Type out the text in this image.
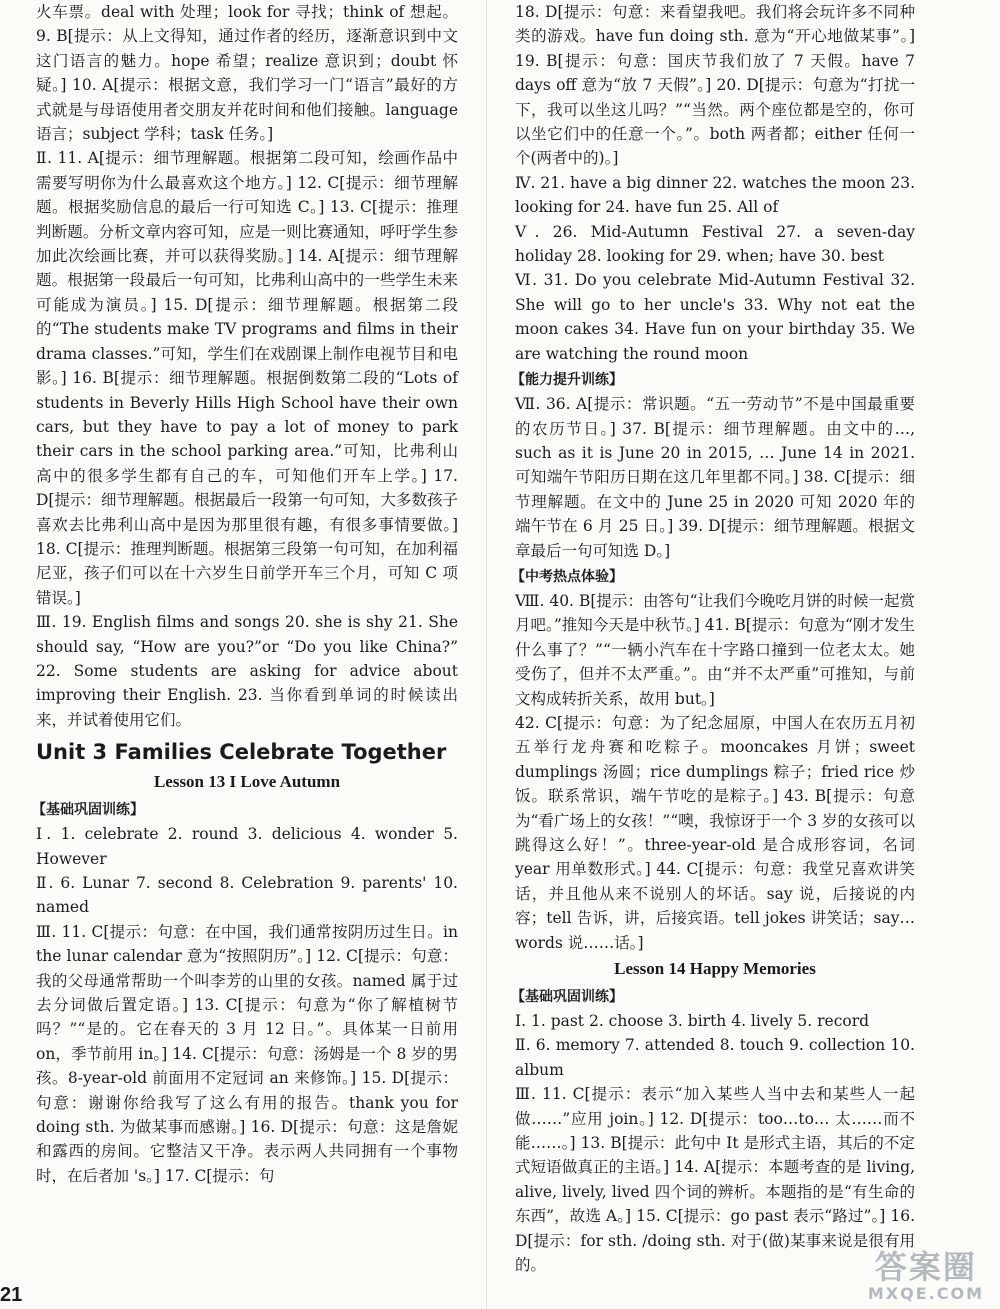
火车票。deal with 处理；look for 寻找；think of 想起。9. B[提示：从上文得知，通过作者的经历，逐渐意识到中文这门语言的魅力。hope 希望；realize 意识到；doubt 怀疑。] 10. A[提示：根据文意，我们学习一门“语言”最好的方式就是与母语使用者交朋友并花时间和他们接触。language 语言；subject 学科；task 任务。]

Ⅱ. 11. A[提示：细节理解题。根据第二段可知，绘画作品中需要写明你为什么最喜欢这个地方。] 12. C[提示：细节理解题。根据奖励信息的最后一行可知选 C。] 13. C[提示：推理判断题。分析文章内容可知，应是一则比赛通知，呼吁学生参加此次绘画比赛，并可以获得奖励。] 14. A[提示：细节理解题。根据第一段最后一句可知，比弗利山高中的一些学生未来可能成为演员。] 15. D[提示：细节理解题。根据第二段的“The students make TV programs and films in their drama classes.”可知，学生们在戏剧课上制作电视节目和电影。] 16. B[提示：细节理解题。根据倒数第二段的“Lots of students in Beverly Hills High School have their own cars, but they have to pay a lot of money to park their cars in the school parking area.”可知，比弗利山高中的很多学生都有自己的车，可知他们开车上学。] 17. D[提示：细节理解题。根据最后一段第一句可知，大多数孩子喜欢去比弗利山高中是因为那里很有趣，有很多事情要做。] 18. C[提示：推理判断题。根据第三段第一句可知，在加利福尼亚，孩子们可以在十六岁生日前学开车三个月，可知 C 项错误。]

Ⅲ. 19. English films and songs 20. she is shy 21. She should say, “How are you?”or “Do you like China?” 22. Some students are asking for advice about improving their English. 23. 当你看到单词的时候读出来，并试着使用它们。

Unit 3 Families Celebrate Together
Lesson 13 I Love Autumn
【基础巩固训练】

Ⅰ. 1. celebrate 2. round 3. delicious 4. wonder 5. However

Ⅱ. 6. Lunar 7. second 8. Celebration 9. parents' 10. named

Ⅲ. 11. C[提示：句意：在中国，我们通常按阴历过生日。in the lunar calendar 意为“按照阴历”。] 12. C[提示：句意：我的父母通常帮助一个叫李芳的山里的女孩。named 属于过去分词做后置定语。] 13. C[提示：句意为“你了解植树节吗？”“是的。它在春天的 3 月 12 日。”。具体某一日前用 on，季节前用 in。] 14. C[提示：句意：汤姆是一个 8 岁的男孩。8-year-old 前面用不定冠词 an 来修饰。] 15. D[提示：句意：谢谢你给我写了这么有用的报告。thank you for doing sth. 为做某事而感谢。] 16. D[提示：句意：这是詹妮和露西的房间。它整洁又干净。表示两人共同拥有一个事物时，在后者加 's。] 17. C[提示：句

18. D[提示：句意：来看望我吧。我们将会玩许多不同种类的游戏。have fun doing sth. 意为“开心地做某事”。] 19. B[提示：句意：国庆节我们放了 7 天假。have 7 days off 意为“放 7 天假”。] 20. D[提示：句意为“打扰一下，我可以坐这儿吗？”“当然。两个座位都是空的，你可以坐它们中的任意一个。”。both 两者都；either 任何一个(两者中的)。]

Ⅳ. 21. have a big dinner 22. watches the moon 23. looking for 24. have fun 25. All of

Ⅴ. 26. Mid-Autumn Festival 27. a seven-day holiday 28. looking for 29. when; have 30. best

Ⅵ. 31. Do you celebrate Mid-Autumn Festival 32. She will go to her uncle's 33. Why not eat the moon cakes 34. Have fun on your birthday 35. We are watching the round moon

【能力提升训练】

Ⅶ. 36. A[提示：常识题。“五一劳动节”不是中国最重要的农历节日。] 37. B[提示：细节理解题。由文中的…, such as it is June 20 in 2015, … June 14 in 2021. 可知端午节阳历日期在这几年里都不同。] 38. C[提示：细节理解题。在文中的 June 25 in 2020 可知 2020 年的端午节在 6 月 25 日。] 39. D[提示：细节理解题。根据文章最后一句可知选 D。]

【中考热点体验】

Ⅷ. 40. B[提示：由答句“让我们今晚吃月饼的时候一起赏月吧。”推知今天是中秋节。] 41. B[提示：句意为“刚才发生什么事了？”“一辆小汽车在十字路口撞到一位老太太。她受伤了，但并不太严重。”。由“并不太严重”可推知，与前文构成转折关系，故用 but。]

42. C[提示：句意：为了纪念屈原，中国人在农历五月初五举行龙舟赛和吃粽子。mooncakes 月饼；sweet dumplings 汤圆；rice dumplings 粽子；fried rice 炒饭。联系常识，端午节吃的是粽子。] 43. B[提示：句意为“看广场上的女孩！”“噢，我惊讶于一个 3 岁的女孩可以跳得这么好！”。three-year-old 是合成形容词，名词 year 用单数形式。] 44. C[提示：句意：我堂兄喜欢讲笑话，并且他从来不说别人的坏话。say 说，后接说的内容；tell 告诉，讲，后接宾语。tell jokes 讲笑话；say…words 说……话。]

Lesson 14 Happy Memories
【基础巩固训练】

Ⅰ. 1. past 2. choose 3. birth 4. lively 5. record

Ⅱ. 6. memory 7. attended 8. touch 9. collection 10. album

Ⅲ. 11. C[提示：表示“加入某些人当中去和某些人一起做……”应用 join。] 12. D[提示：too…to… 太……而不能……。] 13. B[提示：此句中 It 是形式主语，其后的不定式短语做真正的主语。] 14. A[提示：本题考查的是 living, alive, lively, lived 四个词的辨析。本题指的是“有生命的东西”，故选 A。] 15. C[提示：go past 表示“路过”。] 16. D[提示：for sth. /doing sth. 对于(做)某事来说是很有用的。

21
答案圈
MXQE.COM
